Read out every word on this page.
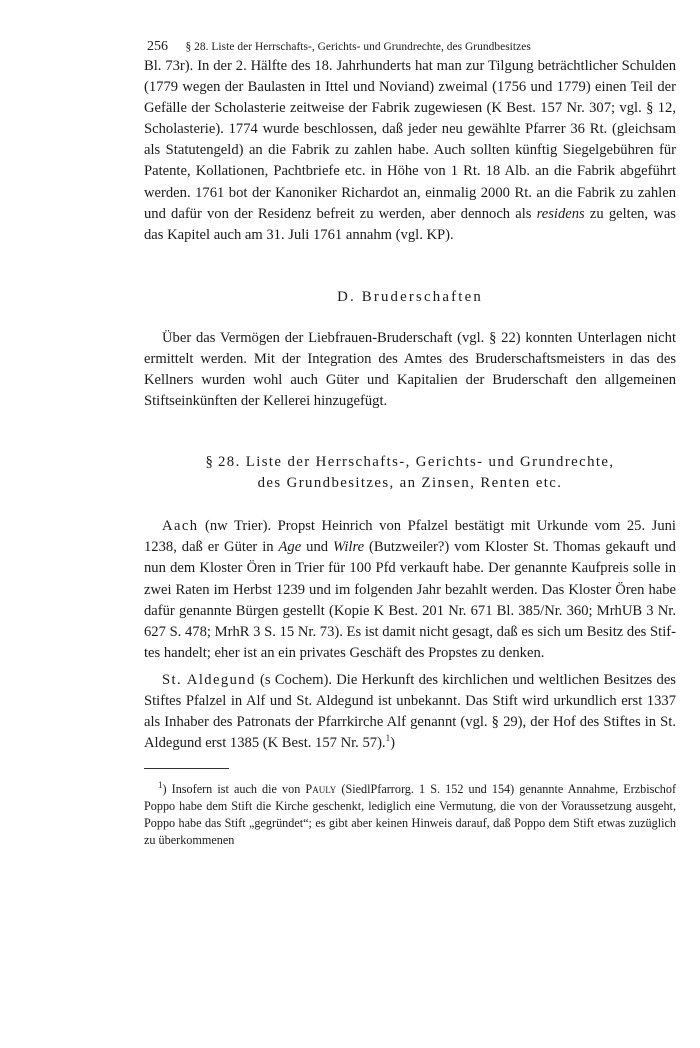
256 § 28. Liste der Herrschafts-, Gerichts- und Grundrechte, des Grundbesitzes

Bl. 73r). In der 2. Hälfte des 18. Jahrhunderts hat man zur Tilgung beträchtlicher Schulden (1779 wegen der Baulasten in Ittel und Noviand) zweimal (1756 und 1779) einen Teil der Gefälle der Scholasterie zeitweise der Fabrik zugewiesen (K Best. 157 Nr. 307; vgl. § 12, Scholasterie). 1774 wurde beschlossen, daß jeder neu gewählte Pfarrer 36 Rt. (gleichsam als Statutengeld) an die Fabrik zu zahlen habe. Auch sollten künftig Siegelgebühren für Patente, Kollationen, Pachtbriefe etc. in Höhe von 1 Rt. 18 Alb. an die Fabrik abgeführt werden. 1761 bot der Kanoniker Richardot an, einmalig 2000 Rt. an die Fabrik zu zahlen und dafür von der Residenz befreit zu werden, aber dennoch als residens zu gelten, was das Kapitel auch am 31. Juli 1761 annahm (vgl. KP).

D. Bruderschaften

Über das Vermögen der Liebfrauen-Bruderschaft (vgl. § 22) konnten Unterlagen nicht ermittelt werden. Mit der Integration des Amtes des Bruderschaftsmeisters in das des Kellners wurden wohl auch Güter und Kapitalien der Bruderschaft den allgemeinen Stiftseinkünften der Kellerei hinzugefügt.

§ 28. Liste der Herrschafts-, Gerichts- und Grundrechte,
des Grundbesitzes, an Zinsen, Renten etc.

Aach (nw Trier). Propst Heinrich von Pfalzel bestätigt mit Urkunde vom 25. Juni 1238, daß er Güter in Age und Wilre (Butzweiler?) vom Kloster St. Thomas gekauft und nun dem Kloster Ören in Trier für 100 Pfd verkauft habe. Der genannte Kaufpreis solle in zwei Raten im Herbst 1239 und im folgenden Jahr bezahlt werden. Das Kloster Ören habe dafür genannte Bürgen gestellt (Kopie K Best. 201 Nr. 671 Bl. 385/Nr. 360; MrhUB 3 Nr. 627 S. 478; MrhR 3 S. 15 Nr. 73). Es ist damit nicht gesagt, daß es sich um Besitz des Stiftes handelt; eher ist an ein privates Geschäft des Propstes zu denken.

St. Aldegund (s Cochem). Die Herkunft des kirchlichen und weltlichen Besitzes des Stiftes Pfalzel in Alf und St. Aldegund ist unbekannt. Das Stift wird urkundlich erst 1337 als Inhaber des Patronats der Pfarrkirche Alf genannt (vgl. § 29), der Hof des Stiftes in St. Aldegund erst 1385 (K Best. 157 Nr. 57).$^1$)

$^1$) Insofern ist auch die von Pauly (SiedlPfarrorg. 1 S. 152 und 154) genannte Annahme, Erzbischof Poppo habe dem Stift die Kirche geschenkt, lediglich eine Vermutung, die von der Voraussetzung ausgeht, Poppo habe das Stift „gegründet“; es gibt aber keinen Hinweis darauf, daß Poppo dem Stift etwas zuzüglich zu überkommenen
